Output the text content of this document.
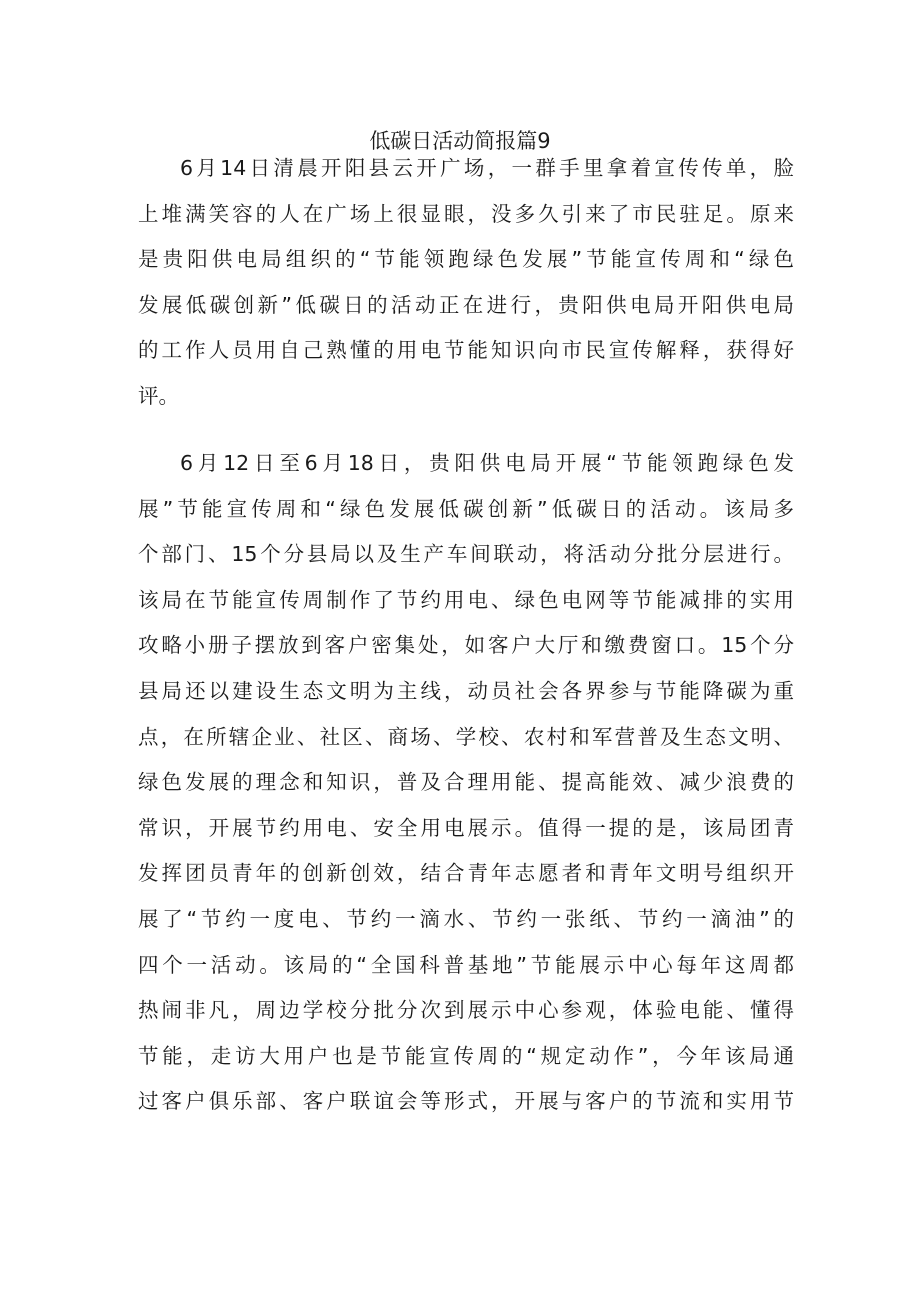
低碳日活动简报篇9
6月14日清晨开阳县云开广场，一群手里拿着宣传传单，脸
上堆满笑容的人在广场上很显眼，没多久引来了市民驻足。原来
是贵阳供电局组织的“节能领跑绿色发展”节能宣传周和“绿色
发展低碳创新”低碳日的活动正在进行，贵阳供电局开阳供电局
的工作人员用自己熟懂的用电节能知识向市民宣传解释，获得好
评。
6月12日至6月18日，贵阳供电局开展“节能领跑绿色发
展”节能宣传周和“绿色发展低碳创新”低碳日的活动。该局多
个部门、15个分县局以及生产车间联动，将活动分批分层进行。
该局在节能宣传周制作了节约用电、绿色电网等节能减排的实用
攻略小册子摆放到客户密集处，如客户大厅和缴费窗口。15个分
县局还以建设生态文明为主线，动员社会各界参与节能降碳为重
点，在所辖企业、社区、商场、学校、农村和军营普及生态文明、
绿色发展的理念和知识，普及合理用能、提高能效、减少浪费的
常识，开展节约用电、安全用电展示。值得一提的是，该局团青
发挥团员青年的创新创效，结合青年志愿者和青年文明号组织开
展了“节约一度电、节约一滴水、节约一张纸、节约一滴油”的
四个一活动。该局的“全国科普基地”节能展示中心每年这周都
热闹非凡，周边学校分批分次到展示中心参观，体验电能、懂得
节能，走访大用户也是节能宣传周的“规定动作”，今年该局通
过客户俱乐部、客户联谊会等形式，开展与客户的节流和实用节
